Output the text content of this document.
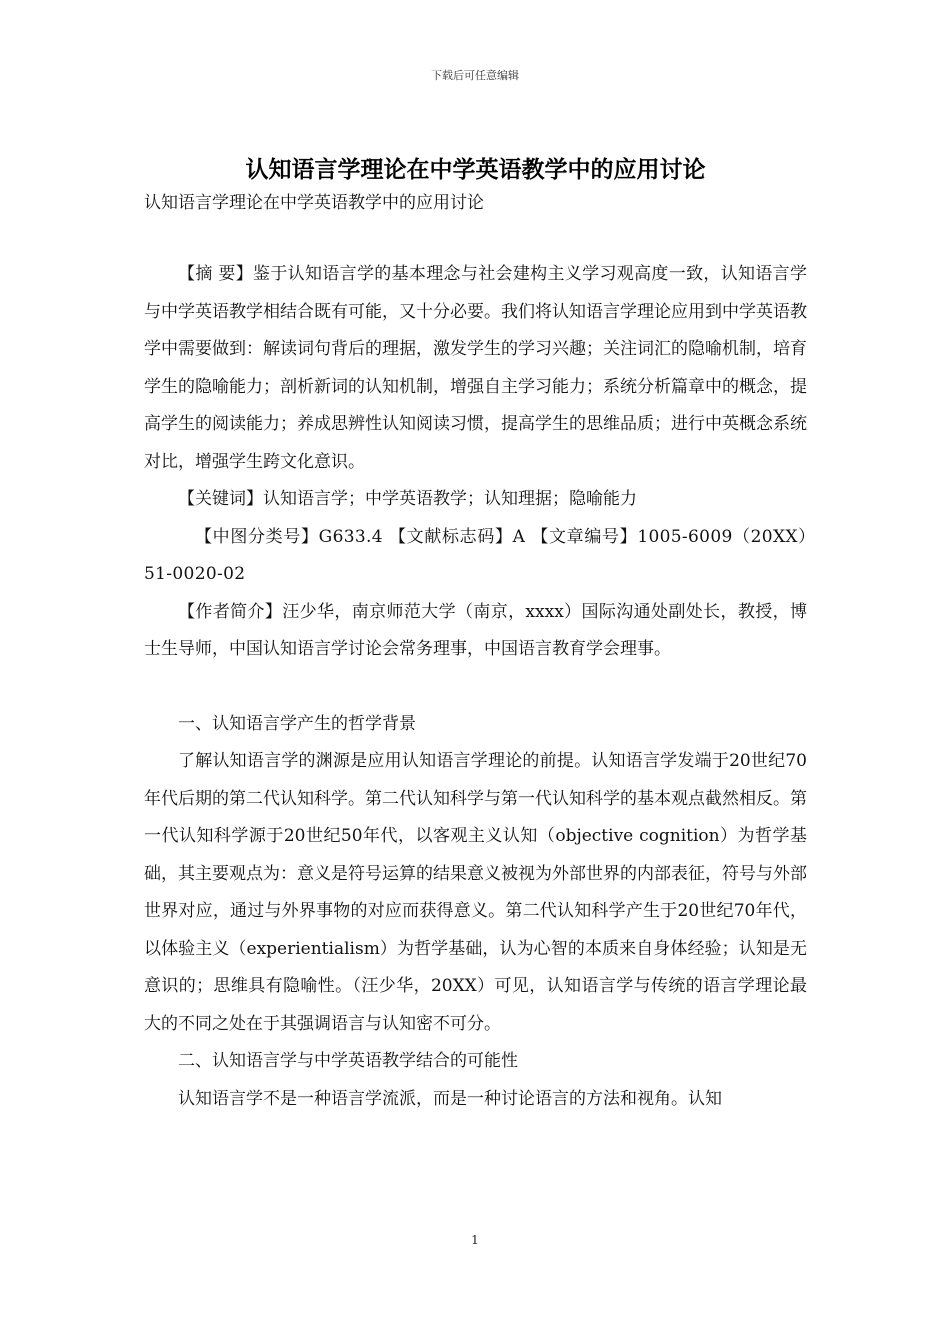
下载后可任意编辑
认知语言学理论在中学英语教学中的应用讨论
认知语言学理论在中学英语教学中的应用讨论

【摘 要】鉴于认知语言学的基本理念与社会建构主义学习观高度一致，认知语言学与中学英语教学相结合既有可能，又十分必要。我们将认知语言学理论应用到中学英语教学中需要做到：解读词句背后的理据，激发学生的学习兴趣；关注词汇的隐喻机制，培育学生的隐喻能力；剖析新词的认知机制，增强自主学习能力；系统分析篇章中的概念，提高学生的阅读能力；养成思辨性认知阅读习惯，提高学生的思维品质；进行中英概念系统对比，增强学生跨文化意识。

【关键词】认知语言学；中学英语教学；认知理据；隐喻能力

【中图分类号】G633.4 【文献标志码】A 【文章编号】1005-6009（20XX）51-0020-02

【作者简介】汪少华，南京师范大学（南京，xxxx）国际沟通处副处长，教授，博士生导师，中国认知语言学讨论会常务理事，中国语言教育学会理事。

一、认知语言学产生的哲学背景

了解认知语言学的渊源是应用认知语言学理论的前提。认知语言学发端于20世纪70年代后期的第二代认知科学。第二代认知科学与第一代认知科学的基本观点截然相反。第一代认知科学源于20世纪50年代，以客观主义认知（objective cognition）为哲学基础，其主要观点为：意义是符号运算的结果意义被视为外部世界的内部表征，符号与外部世界对应，通过与外界事物的对应而获得意义。第二代认知科学产生于20世纪70年代，以体验主义（experientialism）为哲学基础，认为心智的本质来自身体经验；认知是无意识的；思维具有隐喻性。（汪少华，20XX）可见，认知语言学与传统的语言学理论最大的不同之处在于其强调语言与认知密不可分。

二、认知语言学与中学英语教学结合的可能性

认知语言学不是一种语言学流派，而是一种讨论语言的方法和视角。认知

1
